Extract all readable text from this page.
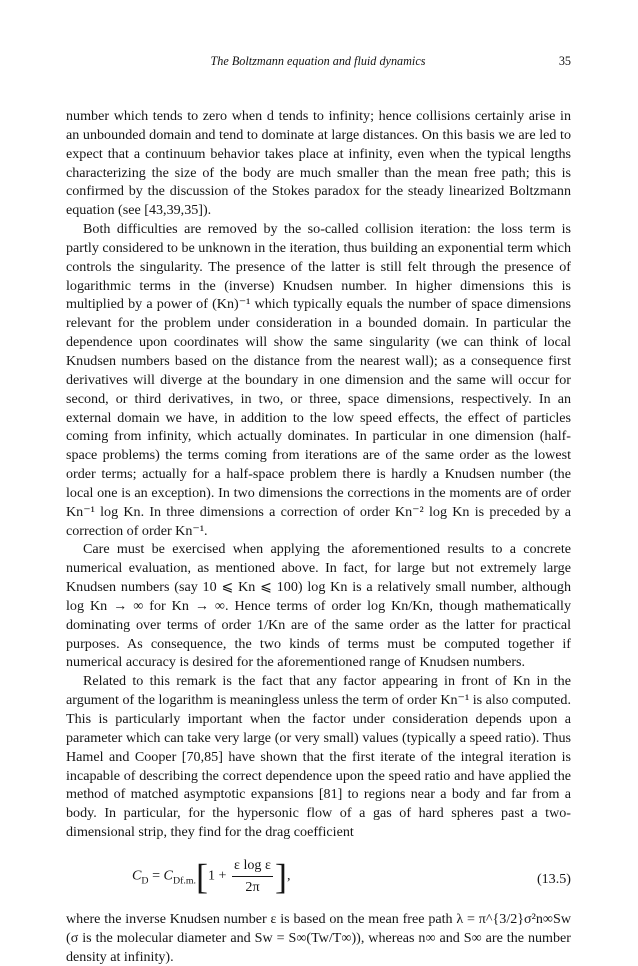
The Boltzmann equation and fluid dynamics	35

number which tends to zero when d tends to infinity; hence collisions certainly arise in an unbounded domain and tend to dominate at large distances. On this basis we are led to expect that a continuum behavior takes place at infinity, even when the typical lengths characterizing the size of the body are much smaller than the mean free path; this is confirmed by the discussion of the Stokes paradox for the steady linearized Boltzmann equation (see [43,39,35]).

Both difficulties are removed by the so-called collision iteration: the loss term is partly considered to be unknown in the iteration, thus building an exponential term which controls the singularity. The presence of the latter is still felt through the presence of logarithmic terms in the (inverse) Knudsen number. In higher dimensions this is multiplied by a power of (Kn)⁻¹ which typically equals the number of space dimensions relevant for the problem under consideration in a bounded domain. In particular the dependence upon coordinates will show the same singularity (we can think of local Knudsen numbers based on the distance from the nearest wall); as a consequence first derivatives will diverge at the boundary in one dimension and the same will occur for second, or third derivatives, in two, or three, space dimensions, respectively. In an external domain we have, in addition to the low speed effects, the effect of particles coming from infinity, which actually dominates. In particular in one dimension (half-space problems) the terms coming from iterations are of the same order as the lowest order terms; actually for a half-space problem there is hardly a Knudsen number (the local one is an exception). In two dimensions the corrections in the moments are of order Kn⁻¹ log Kn. In three dimensions a correction of order Kn⁻² log Kn is preceded by a correction of order Kn⁻¹.

Care must be exercised when applying the aforementioned results to a concrete numerical evaluation, as mentioned above. In fact, for large but not extremely large Knudsen numbers (say 10 ⩽ Kn ⩽ 100) log Kn is a relatively small number, although log Kn → ∞ for Kn → ∞. Hence terms of order log Kn/Kn, though mathematically dominating over terms of order 1/Kn are of the same order as the latter for practical purposes. As consequence, the two kinds of terms must be computed together if numerical accuracy is desired for the aforementioned range of Knudsen numbers.

Related to this remark is the fact that any factor appearing in front of Kn in the argument of the logarithm is meaningless unless the term of order Kn⁻¹ is also computed. This is particularly important when the factor under consideration depends upon a parameter which can take very large (or very small) values (typically a speed ratio). Thus Hamel and Cooper [70,85] have shown that the first iterate of the integral iteration is incapable of describing the correct dependence upon the speed ratio and have applied the method of matched asymptotic expansions [81] to regions near a body and far from a body. In particular, for the hypersonic flow of a gas of hard spheres past a two-dimensional strip, they find for the drag coefficient

$C_D = C_{Df.m.}[1 + \frac{\text{ε log ε}}{2\pi}$ ],	(13.5)

where the inverse Knudsen number ε is based on the mean free path λ = π^{3/2}σ²n∞Sw (σ is the molecular diameter and Sw = S∞(Tw/T∞)), whereas n∞ and S∞ are the number density at infinity).
